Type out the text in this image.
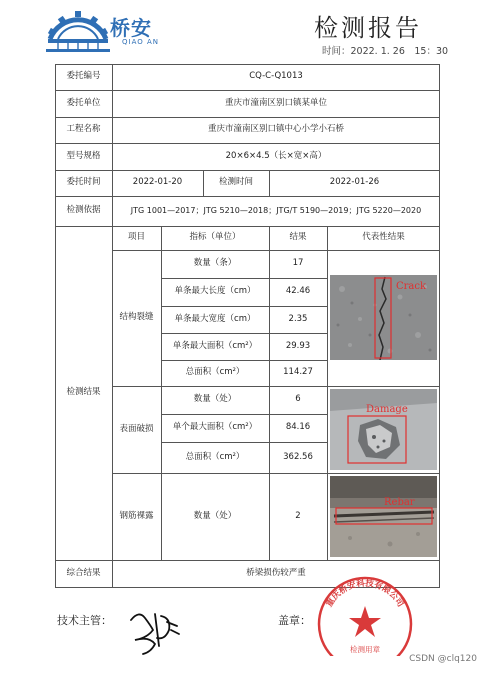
桥安
QIAO AN	检测报告
时间：2022. 1. 26　15：30
委托编号	CQ-C-Q1013
委托单位	重庆市潼南区别口镇某单位
工程名称	重庆市潼南区别口镇中心小学小石桥
型号规格	20×6×4.5（长×宽×高）
委托时间	2022-01-20	检测时间	2022-01-26
检测依据	JTG 1001—2017；JTG 5210—2018；JTG/T 5190—2019；JTG 5220—2020
检测结果
项目	指标（单位）	结果	代表性结果
结构裂缝
数量（条）	17
单条最大长度（cm）	42.46
单条最大宽度（cm）	2.35
单条最大面积（cm²）	29.93
总面积（cm²）	114.27
Crack
表面破损
数量（处）	6
单个最大面积（cm²）	84.16
总面积（cm²）	362.56
Damage
钢筋裸露	数量（处）	2
Rebar
综合结果	桥梁损伤较严重
技术主管：	盖章：
重庆桥安科技有限公司
检测用章
CSDN @clq120
